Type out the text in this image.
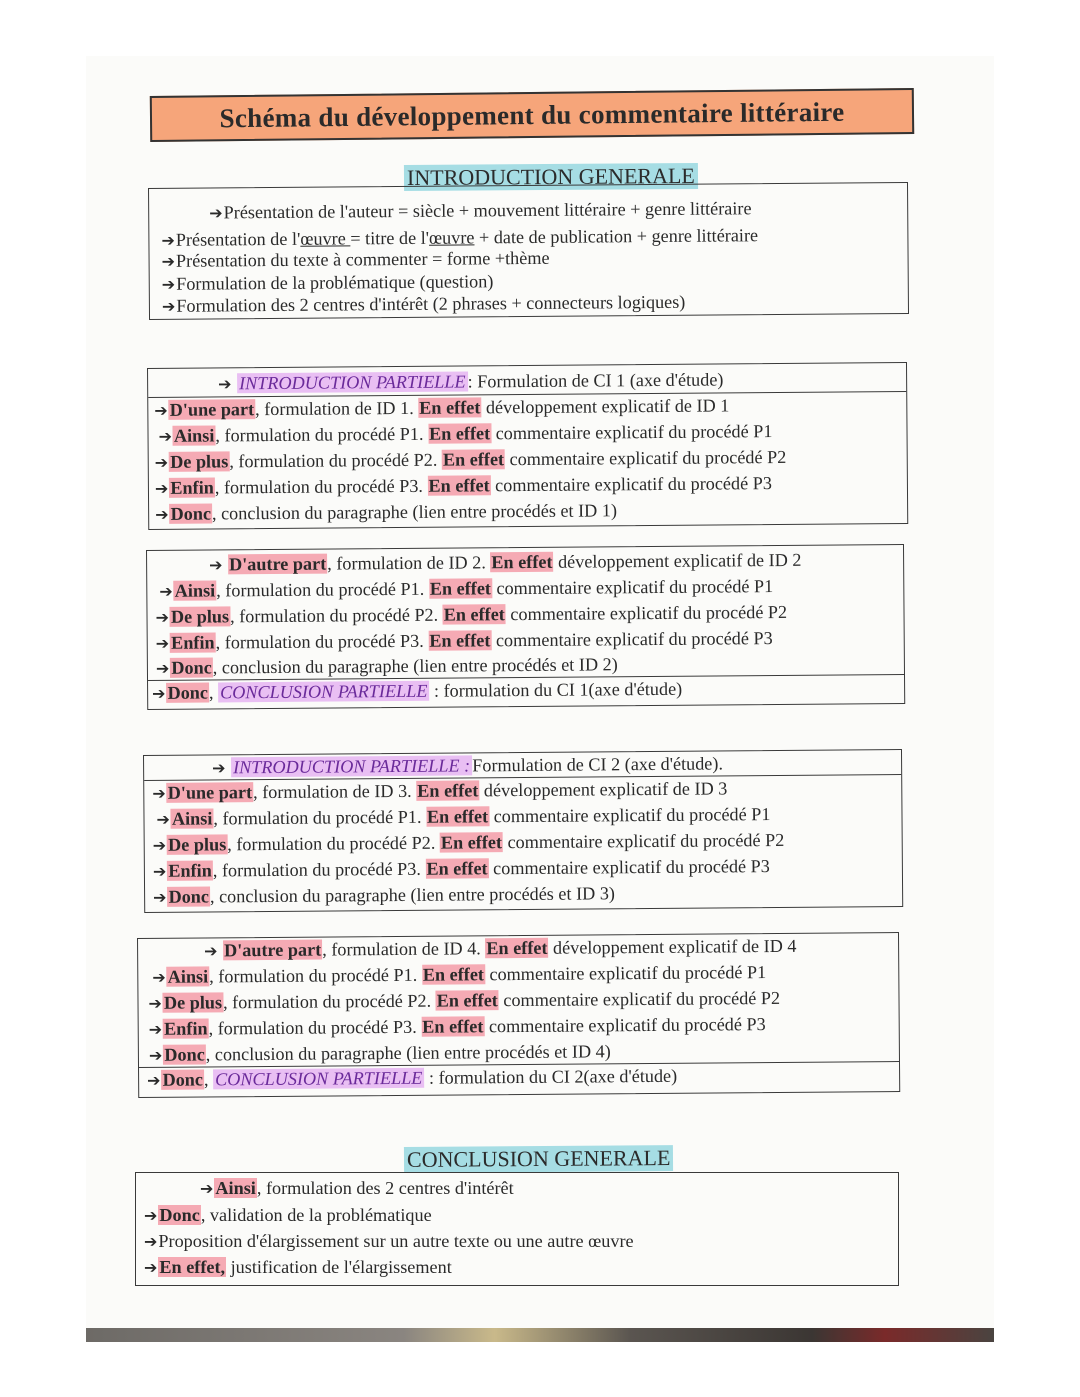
Schéma du développement du commentaire littéraire
INTRODUCTION GENERALE
➔Présentation de l'auteur = siècle + mouvement littéraire + genre littéraire
➔Présentation de l'œuvre = titre de l'œuvre + date de publication + genre littéraire
➔Présentation du texte à commenter = forme +thème
➔Formulation de la problématique (question)
➔Formulation des 2 centres d'intérêt (2 phrases + connecteurs logiques)
➔ INTRODUCTION PARTIELLE : Formulation de CI 1 (axe d'étude)
➔ D'une part, formulation de ID 1. En effet développement explicatif de ID 1
➔ Ainsi, formulation du procédé P1. En effet commentaire explicatif du procédé P1
➔ De plus, formulation du procédé P2. En effet commentaire explicatif du procédé P2
➔ Enfin, formulation du procédé P3. En effet commentaire explicatif du procédé P3
➔ Donc, conclusion du paragraphe (lien entre procédés et ID 1)
➔ D'autre part, formulation de ID 2. En effet développement explicatif de ID 2
➔ Ainsi, formulation du procédé P1. En effet commentaire explicatif du procédé P1
➔ De plus, formulation du procédé P2. En effet commentaire explicatif du procédé P2
➔ Enfin, formulation du procédé P3. En effet commentaire explicatif du procédé P3
➔ Donc, conclusion du paragraphe (lien entre procédés et ID 2)
➔ Donc, CONCLUSION PARTIELLE : formulation du CI 1(axe d'étude)
➔ INTRODUCTION PARTIELLE : Formulation de CI 2 (axe d'étude).
➔ D'une part, formulation de ID 3. En effet développement explicatif de ID 3
➔ Ainsi, formulation du procédé P1. En effet commentaire explicatif du procédé P1
➔ De plus, formulation du procédé P2. En effet commentaire explicatif du procédé P2
➔ Enfin, formulation du procédé P3. En effet commentaire explicatif du procédé P3
➔ Donc, conclusion du paragraphe (lien entre procédés et ID 3)
➔ D'autre part, formulation de ID 4. En effet développement explicatif de ID 4
➔ Ainsi, formulation du procédé P1. En effet commentaire explicatif du procédé P1
➔ De plus, formulation du procédé P2. En effet commentaire explicatif du procédé P2
➔ Enfin, formulation du procédé P3. En effet commentaire explicatif du procédé P3
➔ Donc, conclusion du paragraphe (lien entre procédés et ID 4)
➔ Donc, CONCLUSION PARTIELLE : formulation du CI 2(axe d'étude)
CONCLUSION GENERALE
➔ Ainsi, formulation des 2 centres d'intérêt
➔ Donc, validation de la problématique
➔Proposition d'élargissement sur un autre texte ou une autre œuvre
➔ En effet, justification de l'élargissement
